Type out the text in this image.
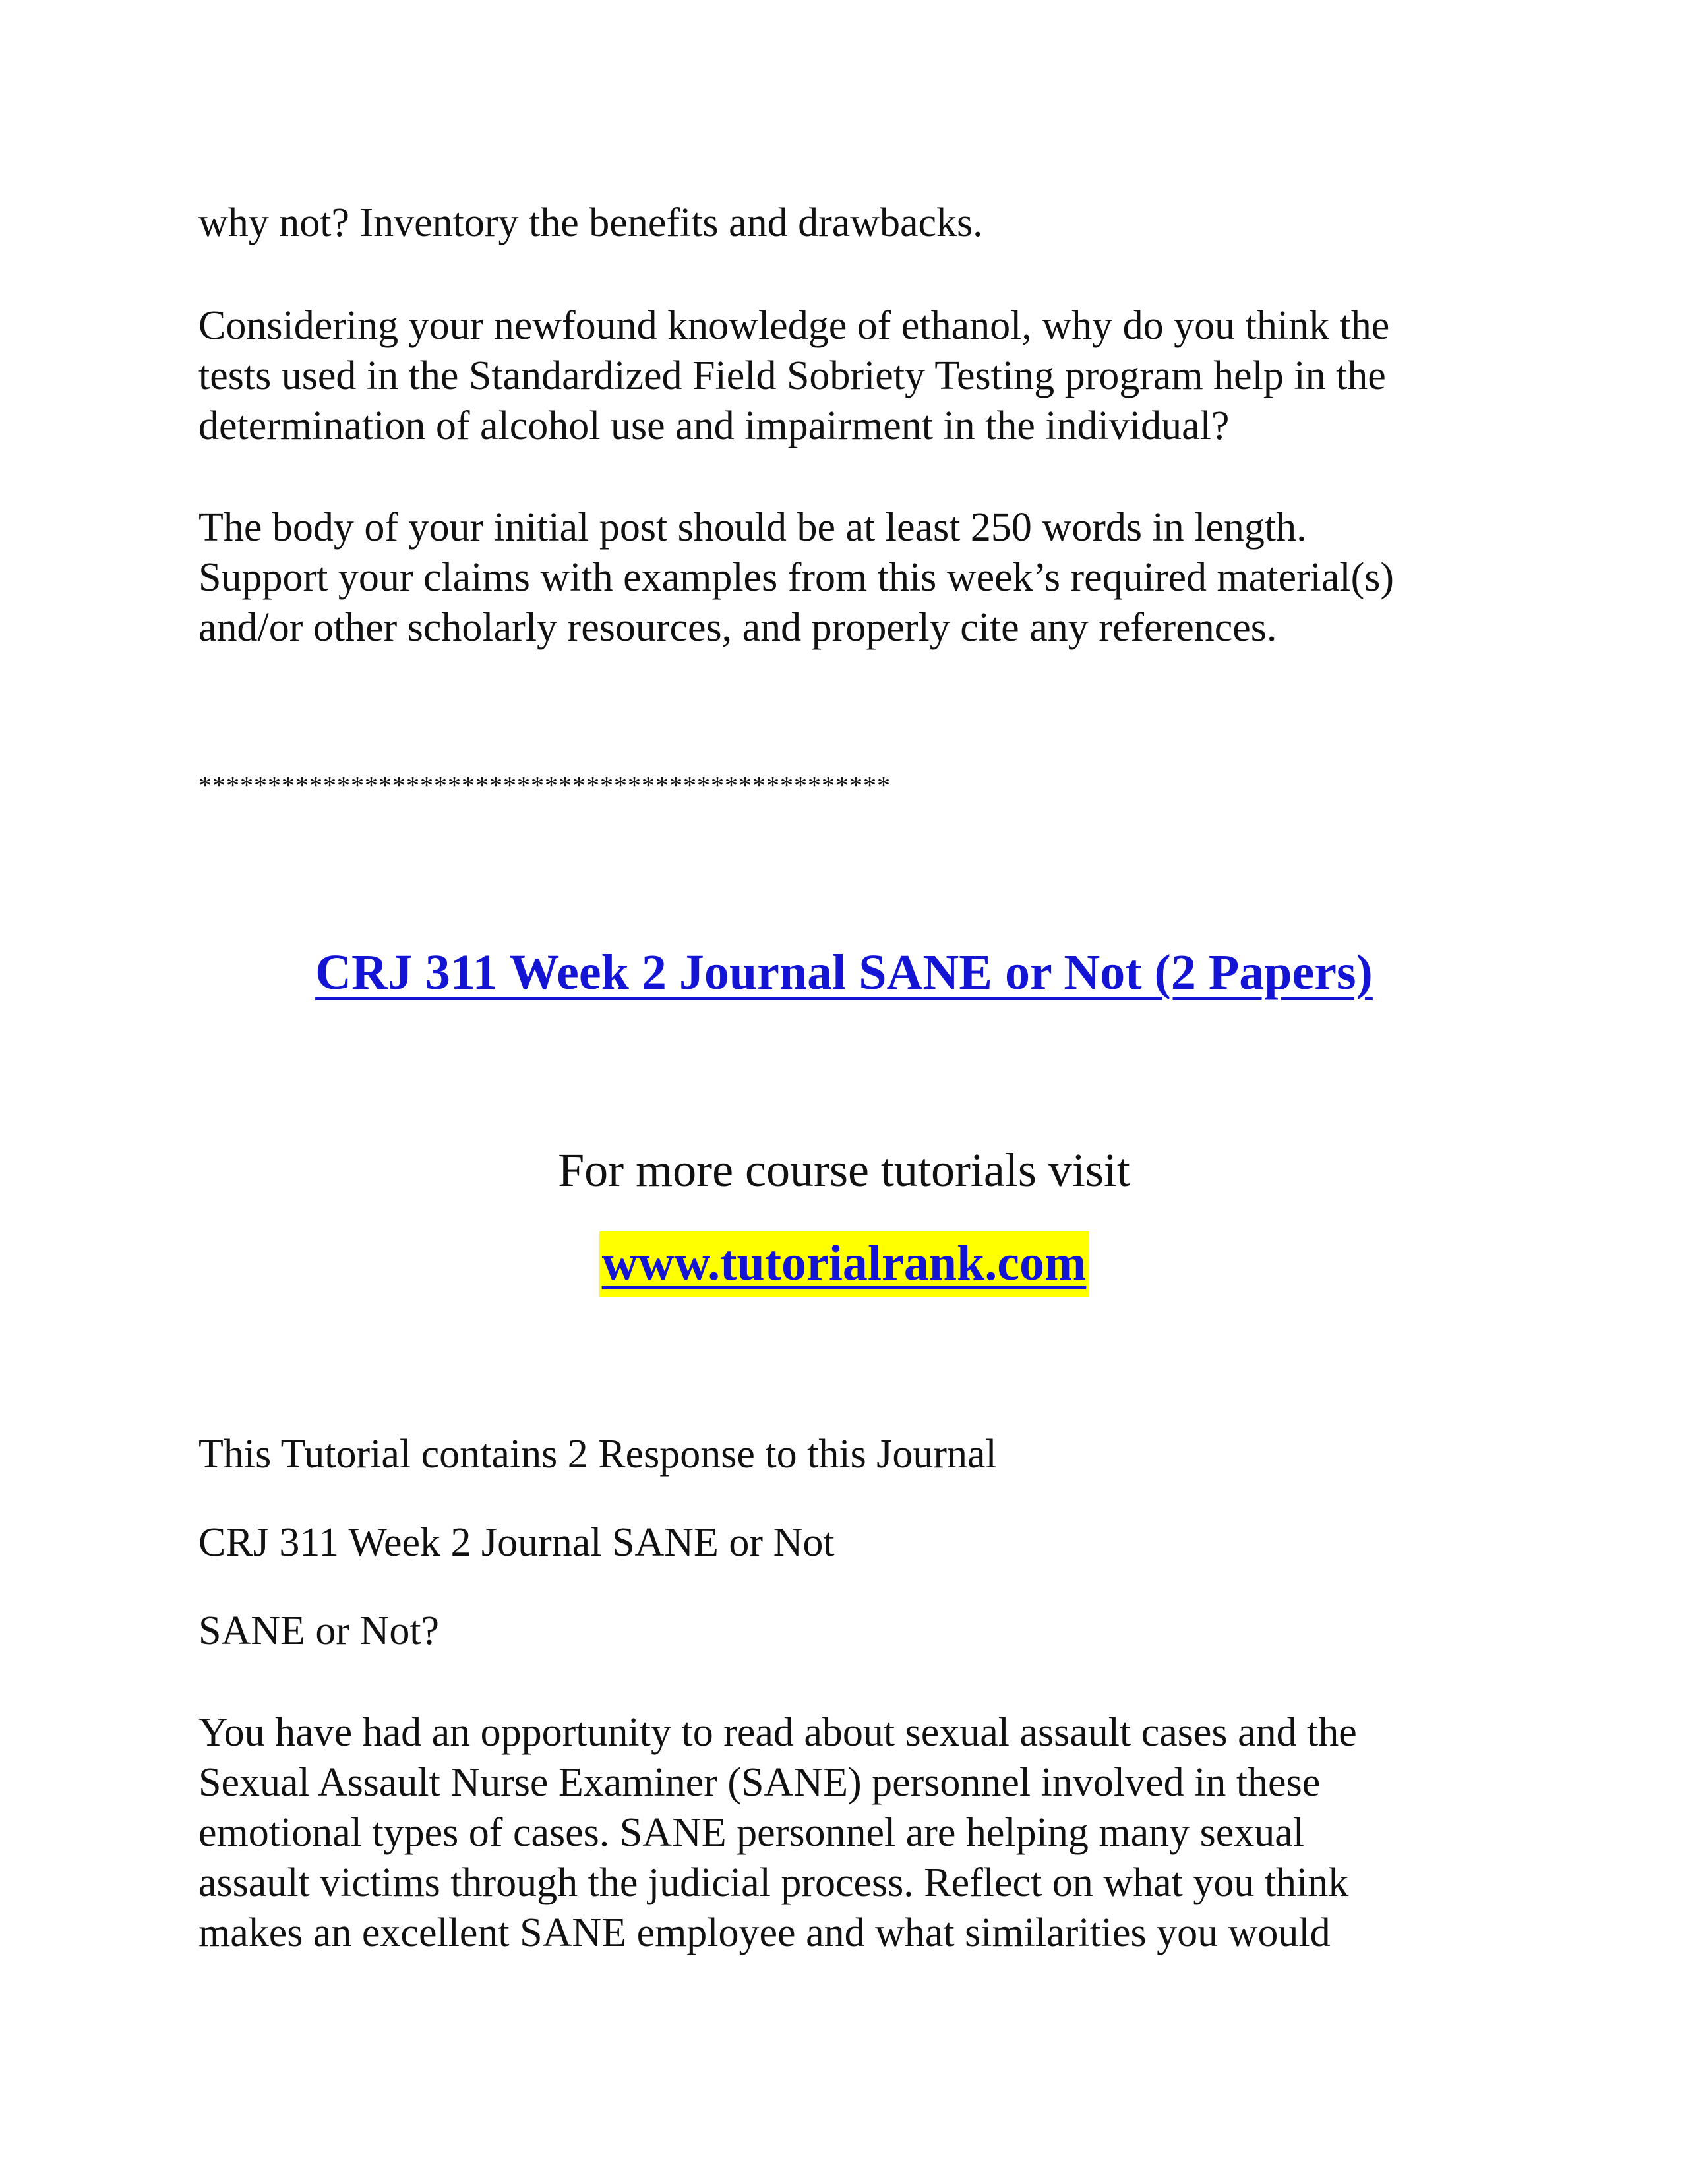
why not? Inventory the benefits and drawbacks.
Considering your newfound knowledge of ethanol, why do you think the
tests used in the Standardized Field Sobriety Testing program help in the
determination of alcohol use and impairment in the individual?
The body of your initial post should be at least 250 words in length.
Support your claims with examples from this week’s required material(s)
and/or other scholarly resources, and properly cite any references.
**************************************************
CRJ 311 Week 2 Journal SANE or Not (2 Papers)
For more course tutorials visit
www.tutorialrank.com
This Tutorial contains 2 Response to this Journal
CRJ 311 Week 2 Journal SANE or Not
SANE or Not?
You have had an opportunity to read about sexual assault cases and the
Sexual Assault Nurse Examiner (SANE) personnel involved in these
emotional types of cases. SANE personnel are helping many sexual
assault victims through the judicial process. Reflect on what you think
makes an excellent SANE employee and what similarities you would
